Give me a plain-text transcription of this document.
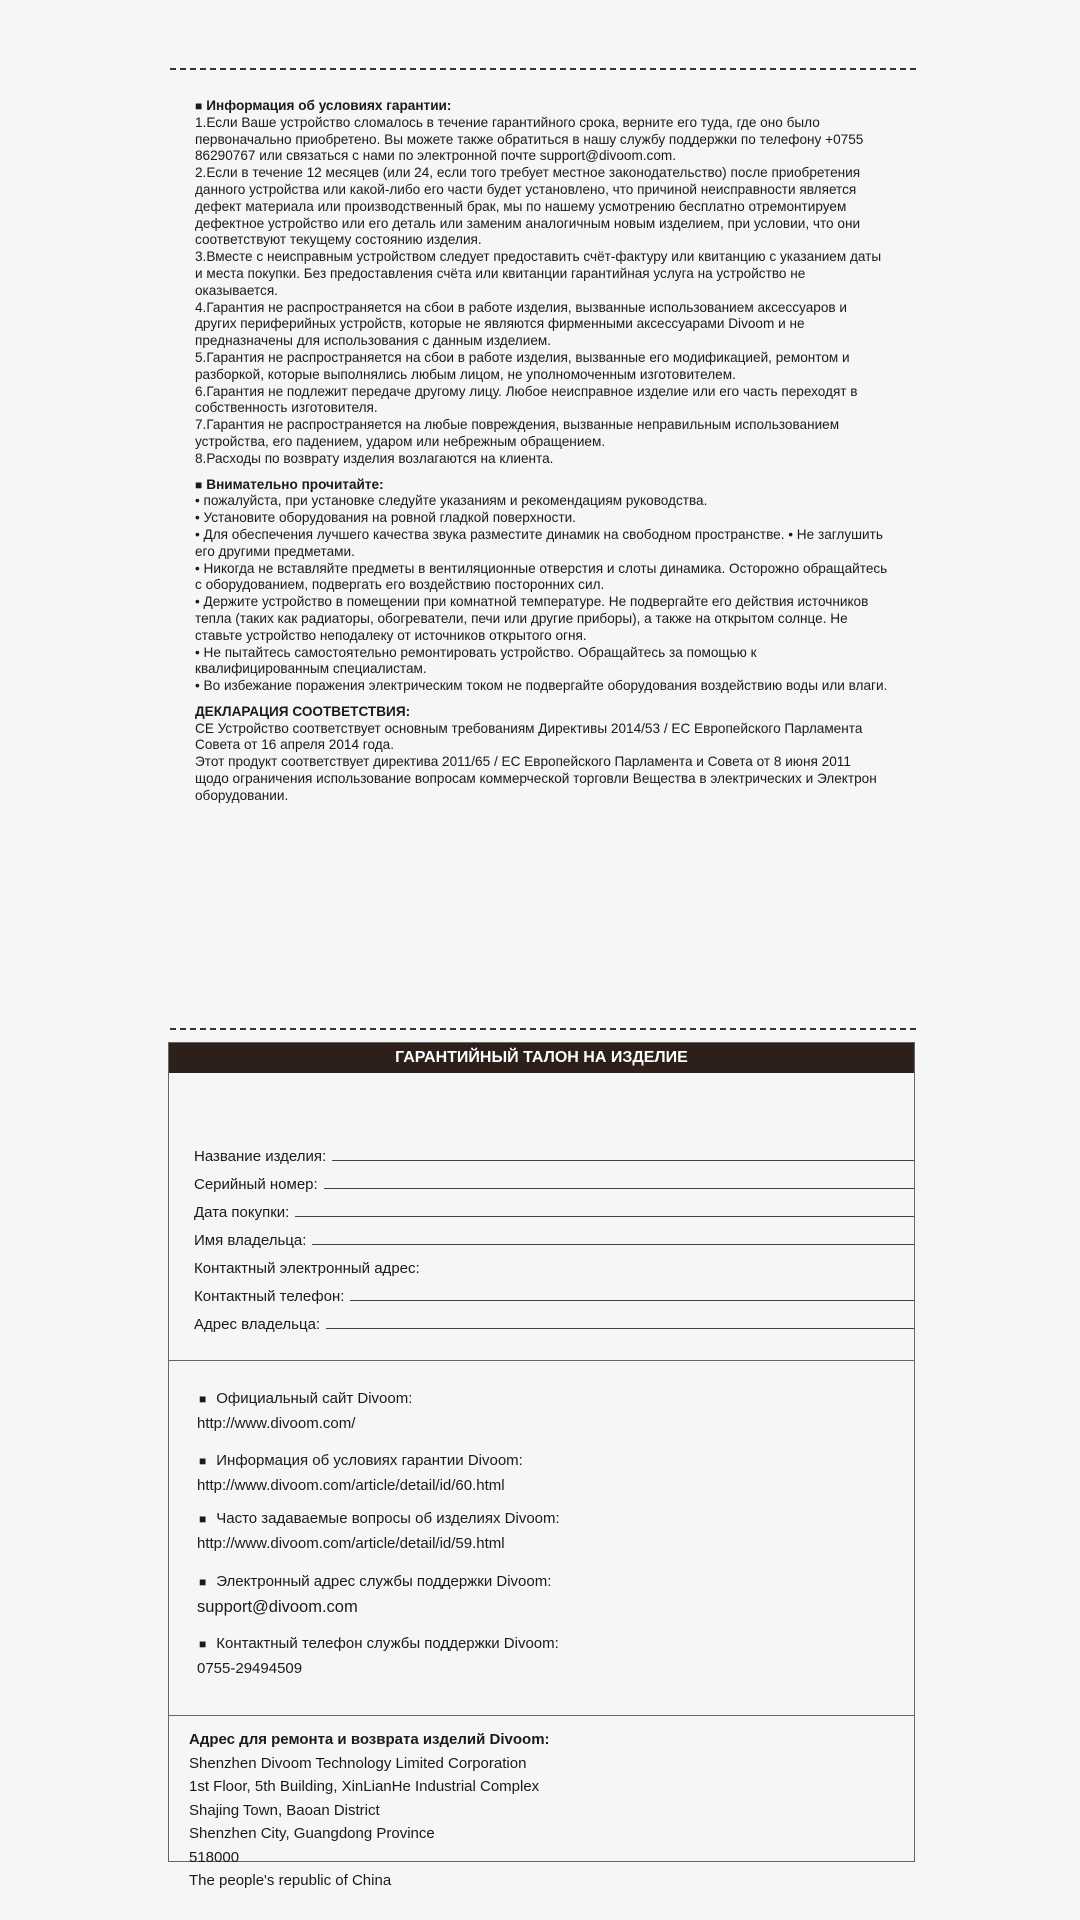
■ Информация об условиях гарантии:
1.Если Ваше устройство сломалось в течение гарантийного срока, верните его туда, где оно было
первоначально приобретено. Вы можете также обратиться в нашу службу поддержки по телефону +0755
86290767 или связаться с нами по электронной почте support@divoom.com.
2.Если в течение 12 месяцев (или 24, если того требует местное законодательство) после приобретения
данного устройства или какой-либо его части будет установлено, что причиной неисправности является
дефект материала или производственный брак, мы по нашему усмотрению бесплатно отремонтируем
дефектное устройство или его деталь или заменим аналогичным новым изделием, при условии, что они
соответствуют текущему состоянию изделия.
3.Вместе с неисправным устройством следует предоставить счёт-фактуру или квитанцию с указанием даты
и места покупки. Без предоставления счёта или квитанции гарантийная услуга на устройство не
оказывается.
4.Гарантия не распространяется на сбои в работе изделия, вызванные использованием аксессуаров и
других периферийных устройств, которые не являются фирменными аксессуарами Divoom и не
предназначены для использования с данным изделием.
5.Гарантия не распространяется на сбои в работе изделия, вызванные его модификацией, ремонтом и
разборкой, которые выполнялись любым лицом, не уполномоченным изготовителем.
6.Гарантия не подлежит передаче другому лицу. Любое неисправное изделие или его часть переходят в
собственность изготовителя.
7.Гарантия не распространяется на любые повреждения, вызванные неправильным использованием
устройства, его падением, ударом или небрежным обращением.
8.Расходы по возврату изделия возлагаются на клиента.
■ Внимательно прочитайте:
• пожалуйста, при установке следуйте указаниям и рекомендациям руководства.
• Установите оборудования на ровной гладкой поверхности.
• Для обеспечения лучшего качества звука разместите динамик на свободном пространстве. • Не заглушить
его другими предметами.
• Никогда не вставляйте предметы в вентиляционные отверстия и слоты динамика. Осторожно обращайтесь
с оборудованием, подвергать его воздействию посторонних сил.
• Держите устройство в помещении при комнатной температуре. Не подвергайте его действия источников
тепла (таких как радиаторы, обогреватели, печи или другие приборы), а также на открытом солнце. Не
ставьте устройство неподалеку от источников открытого огня.
• Не пытайтесь самостоятельно ремонтировать устройство. Обращайтесь за помощью к
квалифицированным специалистам.
• Во избежание поражения электрическим током не подвергайте оборудования воздействию воды или влаги.
ДЕКЛАРАЦИЯ СООТВЕТСТВИЯ:
CE Устройство соответствует основным требованиям Директивы 2014/53 / ЕС Европейского Парламента
Совета от 16 апреля 2014 года.
Этот продукт соответствует директива 2011/65 / ЕС Европейского Парламента и Совета от 8 июня 2011
щодо ограничения использование вопросам коммерческой торговли Вещества в электрических и Электрон
оборудовании.
ГАРАНТИЙНЫЙ ТАЛОН НА ИЗДЕЛИЕ
Название изделия:
Серийный номер:
Дата покупки:
Имя владельца:
Контактный электронный адрес:
Контактный телефон:
Адрес владельца:
■ Официальный сайт Divoom:
http://www.divoom.com/
■ Информация об условиях гарантии Divoom:
http://www.divoom.com/article/detail/id/60.html
■ Часто задаваемые вопросы об изделиях Divoom:
http://www.divoom.com/article/detail/id/59.html
■ Электронный адрес службы поддержки Divoom:
support@divoom.com
■ Контактный телефон службы поддержки Divoom:
0755-29494509
Адрес для ремонта и возврата изделий Divoom:
Shenzhen Divoom Technology Limited Corporation
1st Floor, 5th Building, XinLianHe Industrial Complex
Shajing Town, Baoan District
Shenzhen City, Guangdong Province
518000
The people's republic of China
